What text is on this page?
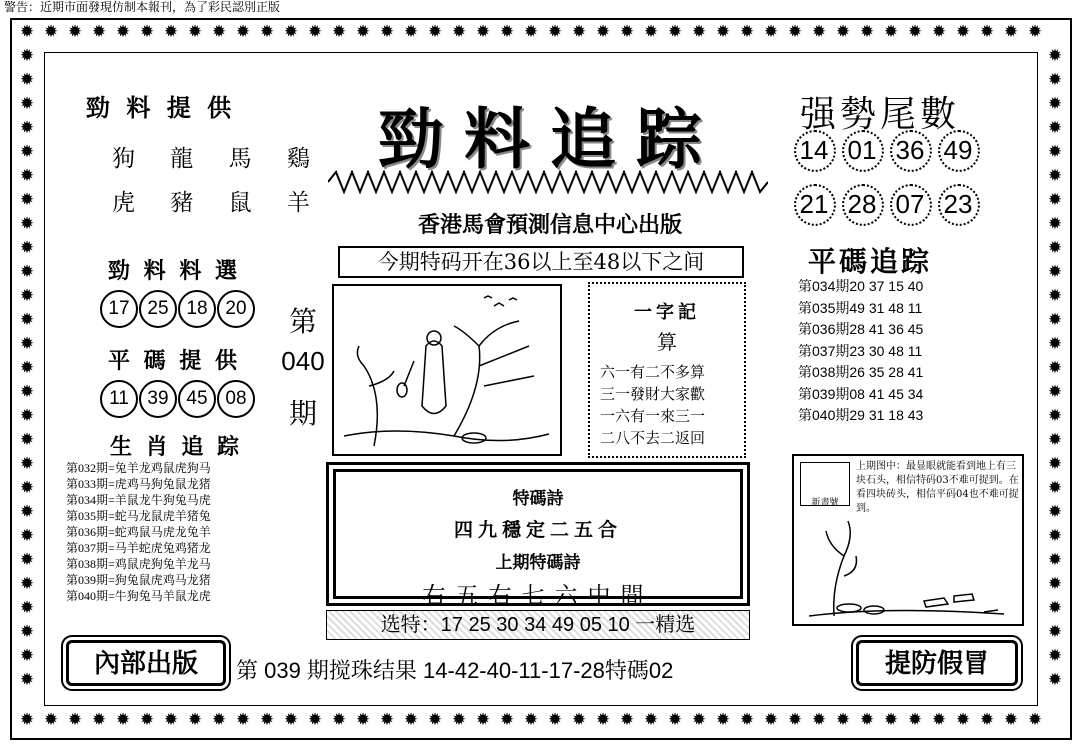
警告：近期市面發現仿制本報刊，為了彩民認別正版
✹
✹
✹
✹
✹
✹
✹
✹
✹
✹
✹
✹
✹
✹
✹
✹
✹
✹
✹
✹
✹
✹
✹
✹
✹
✹
✹
✹
✹
✹
✹
✹
✹
✹
✹
✹
✹
✹
✹
✹
✹
✹
✹
✹
✹
✹
✹
✹
✹
✹
✹
✹
✹
✹
✹
✹
✹
✹
✹
✹
✹
✹
✹
✹
✹
✹
✹
✹
✹
✹
✹
✹
✹
✹
✹
✹
✹
✹
✹
✹
✹
✹
✹
✹
✹
✹
✹	✹
✹	✹
✹	✹
✹	✹
✹	✹
✹	✹
✹	✹
✹	✹
✹	✹
✹	✹
✹	✹
✹	✹
✹	✹
✹	✹
✹	✹
✹	✹
✹	✹
✹	✹
✹	✹
✹	✹
✹	✹
✹	✹
✹	✹
✹	✹
✹	✹
✹	✹
✹	✹
勁 料 提 供
狗 龍 馬 鷄
虎 豬 鼠 羊
勁料追踪
香港馬會預測信息中心出版
今期特码开在36以上至48以下之间
强勢尾數
14 01 36 49
21 28 07 23
平碼追踪
第034期20 37 15 40
第035期49 31 48 11
第036期28 41 36 45
第037期23 30 48 11
第038期26 35 28 41
第039期08 41 45 34
第040期29 31 18 43
勁 料 料 選
17 25 18 20
平 碼 提 供
11 39 45 08
生 肖 追 踪
第032期=兔羊龙鸡鼠虎狗马
第033期=虎鸡马狗兔鼠龙猪
第034期=羊鼠龙牛狗兔马虎
第035期=蛇马龙鼠虎羊猪兔
第036期=蛇鸡鼠马虎龙兔羊
第037期=马羊蛇虎兔鸡猪龙
第038期=鸡鼠虎狗兔羊龙马
第039期=狗兔鼠虎鸡马龙猪
第040期=牛狗兔马羊鼠龙虎
第
040
期
一字記
算
六一有二不多算
三一發財大家歡
一六有一來三一
二八不去二返回
特碼詩
四九穩定二五合
上期特碼詩
右五右七六中間
选特：17 25 30 34 49 05 10 一精选
新書號
上期图中：最显眼就能看到地上有三块石头，相信特码03不难可捉到。在看四块砖头，相信平码04也不难可捉到。
內部出版	第 039 期搅珠结果 14-42-40-11-17-28特碼02	提防假冒
